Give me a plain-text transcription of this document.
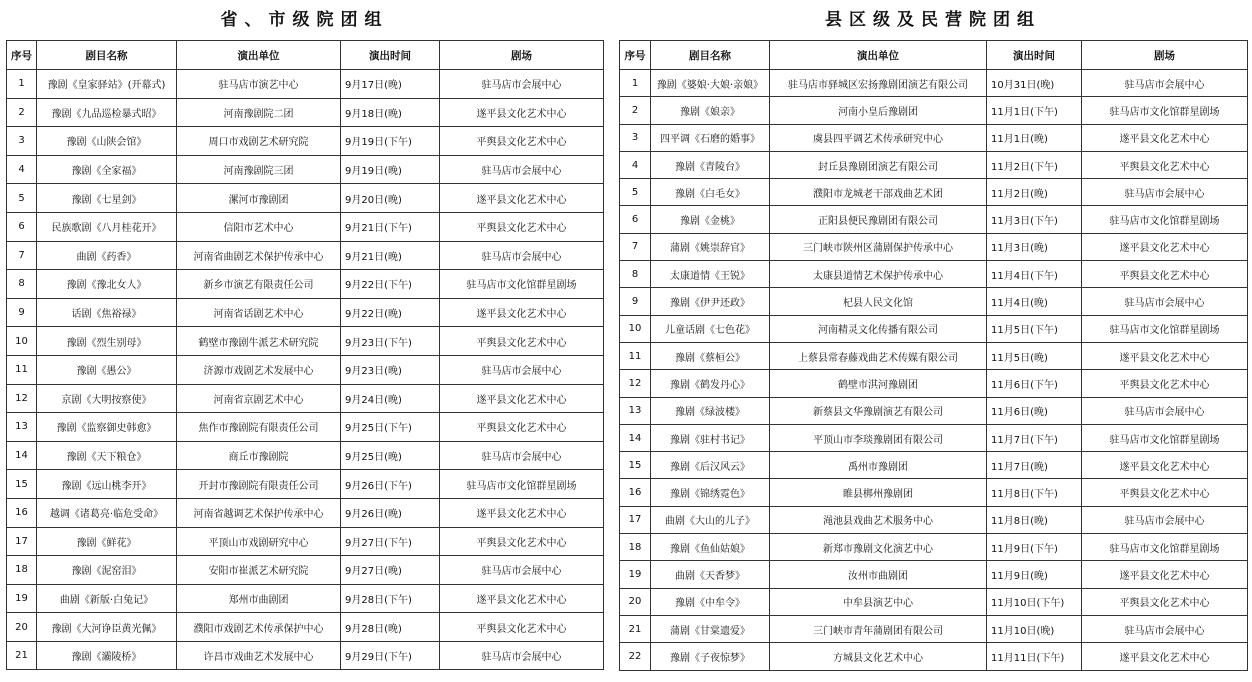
省、市级院团组
序号	剧目名称	演出单位	演出时间	剧场
1	豫剧《皇家驿站》(开幕式)	驻马店市演艺中心	9月17日(晚)	驻马店市会展中心
2	豫剧《九品巡检暴式昭》	河南豫剧院二团	9月18日(晚)	遂平县文化艺术中心
3	豫剧《山陕会馆》	周口市戏剧艺术研究院	9月19日(下午)	平舆县文化艺术中心
4	豫剧《全家福》	河南豫剧院三团	9月19日(晚)	驻马店市会展中心
5	豫剧《七星剑》	漯河市豫剧团	9月20日(晚)	遂平县文化艺术中心
6	民族歌剧《八月桂花开》	信阳市艺术中心	9月21日(下午)	平舆县文化艺术中心
7	曲剧《药香》	河南省曲剧艺术保护传承中心	9月21日(晚)	驻马店市会展中心
8	豫剧《豫北女人》	新乡市演艺有限责任公司	9月22日(下午)	驻马店市文化馆群星剧场
9	话剧《焦裕禄》	河南省话剧艺术中心	9月22日(晚)	遂平县文化艺术中心
10	豫剧《烈生别母》	鹤壁市豫剧牛派艺术研究院	9月23日(下午)	平舆县文化艺术中心
11	豫剧《愚公》	济源市戏剧艺术发展中心	9月23日(晚)	驻马店市会展中心
12	京剧《大明按察使》	河南省京剧艺术中心	9月24日(晚)	遂平县文化艺术中心
13	豫剧《监察御史韩愈》	焦作市豫剧院有限责任公司	9月25日(下午)	平舆县文化艺术中心
14	豫剧《天下粮仓》	商丘市豫剧院	9月25日(晚)	驻马店市会展中心
15	豫剧《远山桃李开》	开封市豫剧院有限责任公司	9月26日(下午)	驻马店市文化馆群星剧场
16	越调《诸葛亮·临危受命》	河南省越调艺术保护传承中心	9月26日(晚)	遂平县文化艺术中心
17	豫剧《鲜花》	平顶山市戏剧研究中心	9月27日(下午)	平舆县文化艺术中心
18	豫剧《泥窑泪》	安阳市崔派艺术研究院	9月27日(晚)	驻马店市会展中心
19	曲剧《新版·白兔记》	郑州市曲剧团	9月28日(下午)	遂平县文化艺术中心
20	豫剧《大河诤臣黄光佩》	濮阳市戏剧艺术传承保护中心	9月28日(晚)	平舆县文化艺术中心
21	豫剧《灞陵桥》	许昌市戏曲艺术发展中心	9月29日(下午)	驻马店市会展中心
县区级及民营院团组
序号	剧目名称	演出单位	演出时间	剧场
1	豫剧《婆娘·大娘·亲娘》	驻马店市驿城区宏扬豫剧团演艺有限公司	10月31日(晚)	驻马店市会展中心
2	豫剧《娘亲》	河南小皇后豫剧团	11月1日(下午)	驻马店市文化馆群星剧场
3	四平调《石磨的婚事》	虞县四平调艺术传承研究中心	11月1日(晚)	遂平县文化艺术中心
4	豫剧《青陵台》	封丘县豫剧团演艺有限公司	11月2日(下午)	平舆县文化艺术中心
5	豫剧《白毛女》	濮阳市龙城老干部戏曲艺术团	11月2日(晚)	驻马店市会展中心
6	豫剧《金桃》	正阳县便民豫剧团有限公司	11月3日(下午)	驻马店市文化馆群星剧场
7	蒲剧《姚崇辞官》	三门峡市陕州区蒲剧保护传承中心	11月3日(晚)	遂平县文化艺术中心
8	太康道情《王锐》	太康县道情艺术保护传承中心	11月4日(下午)	平舆县文化艺术中心
9	豫剧《伊尹还政》	杞县人民文化馆	11月4日(晚)	驻马店市会展中心
10	儿童话剧《七色花》	河南精灵文化传播有限公司	11月5日(下午)	驻马店市文化馆群星剧场
11	豫剧《蔡桓公》	上蔡县常春藤戏曲艺术传媒有限公司	11月5日(晚)	遂平县文化艺术中心
12	豫剧《鹤发丹心》	鹤壁市淇河豫剧团	11月6日(下午)	平舆县文化艺术中心
13	豫剧《绿波楼》	新蔡县文华豫剧演艺有限公司	11月6日(晚)	驻马店市会展中心
14	豫剧《驻村书记》	平顶山市李琰豫剧团有限公司	11月7日(下午)	驻马店市文化馆群星剧场
15	豫剧《后汉风云》	禹州市豫剧团	11月7日(晚)	遂平县文化艺术中心
16	豫剧《锦绣霓色》	睢县梆州豫剧团	11月8日(下午)	平舆县文化艺术中心
17	曲剧《大山的儿子》	渑池县戏曲艺术服务中心	11月8日(晚)	驻马店市会展中心
18	豫剧《鱼仙姑娘》	新郑市豫剧文化演艺中心	11月9日(下午)	驻马店市文化馆群星剧场
19	曲剧《天香梦》	汝州市曲剧团	11月9日(晚)	遂平县文化艺术中心
20	豫剧《中牟令》	中牟县演艺中心	11月10日(下午)	平舆县文化艺术中心
21	蒲剧《甘棠遗爱》	三门峡市青年蒲剧团有限公司	11月10日(晚)	驻马店市会展中心
22	豫剧《子夜惊梦》	方城县文化艺术中心	11月11日(下午)	遂平县文化艺术中心
